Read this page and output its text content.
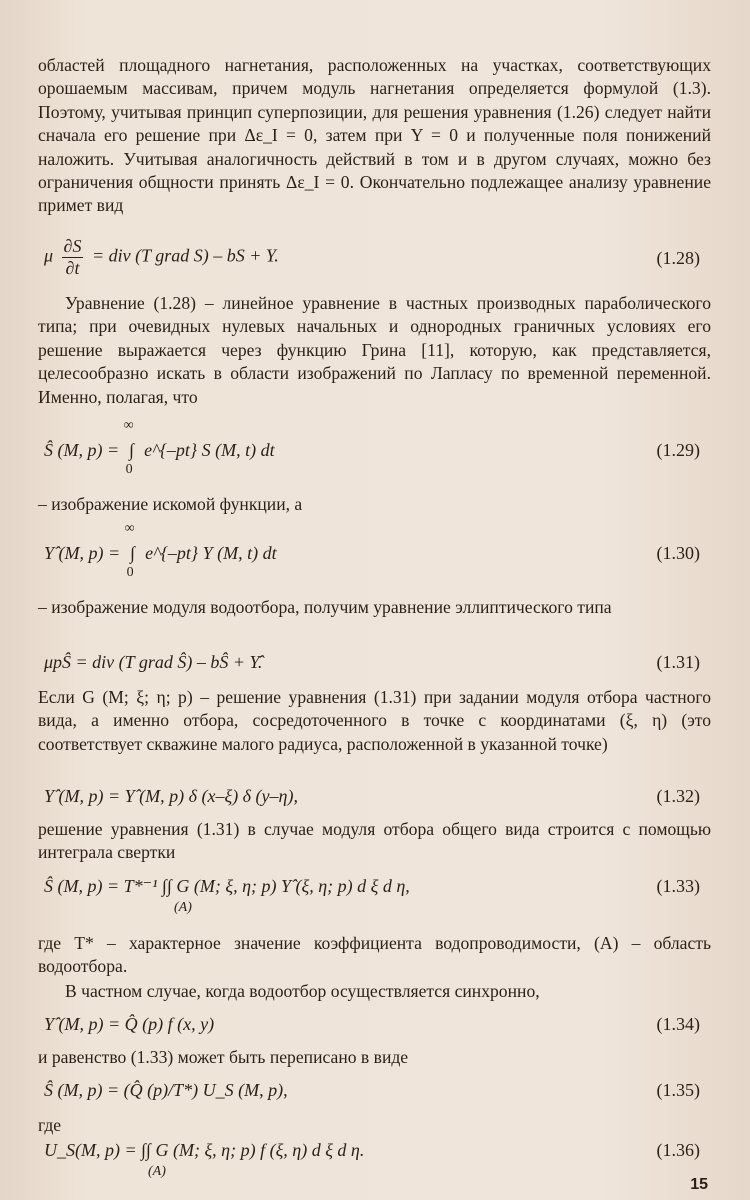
областей площадного нагнетания, расположенных на участках, соответствующих орошаемым массивам, причем модуль нагнетания определяется формулой (1.3). Поэтому, учитывая принцип суперпозиции, для решения уравнения (1.26) следует найти сначала его решение при Δε_I = 0, затем при Υ = 0 и полученные поля понижений наложить. Учитывая аналогичность действий в том и в другом случаях, можно без ограничения общности принять Δε_I = 0. Окончательно подлежащее анализу уравнение примет вид

μ $\frac{\partial S}{\partial t}$ = div (T grad S) – bS + Υ.	(1.28)

Уравнение (1.28) – линейное уравнение в частных производных параболического типа; при очевидных нулевых начальных и однородных граничных условиях его решение выражается через функцию Грина [11], которую, как представляется, целесообразно искать в области изображений по Лапласу по временной переменной. Именно, полагая, что

Ŝ (M, p) = ∫
∞
0
e^{–pt} S (M, t) dt	(1.29)

– изображение искомой функции, а

Υ̂ (M, p) = ∫
∞
0
e^{–pt} Υ (M, t) dt	(1.30)

– изображение модуля водоотбора, получим уравнение эллиптического типа

μpŜ = div (T grad Ŝ) – bŜ + Υ̂.	(1.31)

Если G (M; ξ; η; p) – решение уравнения (1.31) при задании модуля отбора частного вида, а именно отбора, сосредоточенного в точке с координатами (ξ, η) (это соответствует скважине малого радиуса, расположенной в указанной точке)

Υ̂ (M, p) = Υ̂ (M, p) δ (x–ξ) δ (y–η),	(1.32)

решение уравнения (1.31) в случае модуля отбора общего вида строится с помощью интеграла свертки

Ŝ (M, p) = T*⁻¹ ∫∫ G (M; ξ, η; p) Υ̂ (ξ, η; p) d ξ d η,
(A)
(1.33)

где T* – характерное значение коэффициента водопроводимости, (A) – область водоотбора.

В частном случае, когда водоотбор осуществляется синхронно,

Υ̂ (M, p) = Q̂ (p) f (x, y)	(1.34)

и равенство (1.33) может быть переписано в виде

Ŝ (M, p) = (Q̂ (p)/T*) U_S (M, p),	(1.35)

где

U_S(M, p) = ∫∫ G (M; ξ, η; p) f (ξ, η) d ξ d η.
(A)
(1.36)
15
